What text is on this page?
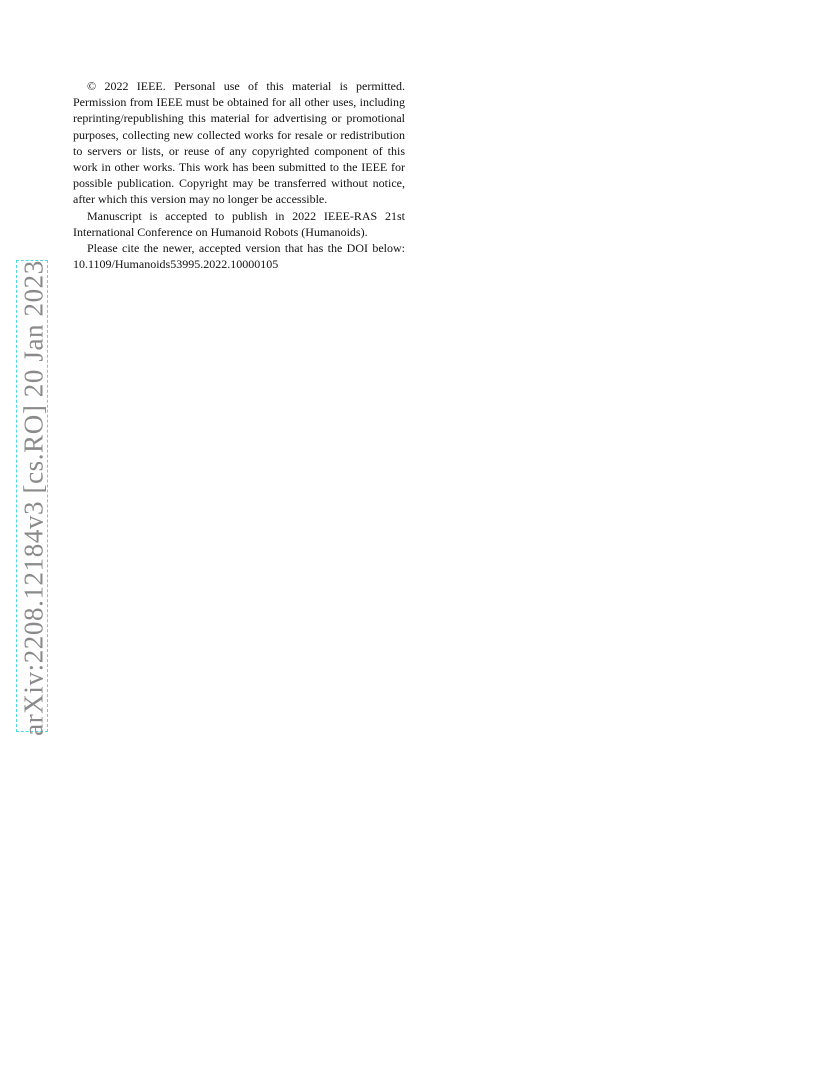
arXiv:2208.12184v3 [cs.RO] 20 Jan 2023

© 2022 IEEE. Personal use of this material is permitted. Permission from IEEE must be obtained for all other uses, including reprinting/republishing this material for advertising or promotional purposes, collecting new collected works for resale or redistribution to servers or lists, or reuse of any copyrighted component of this work in other works. This work has been submitted to the IEEE for possible publication. Copyright may be transferred without notice, after which this version may no longer be accessible.

Manuscript is accepted to publish in 2022 IEEE-RAS 21st International Conference on Humanoid Robots (Humanoids).

Please cite the newer, accepted version that has the DOI below: 10.1109/Humanoids53995.2022.10000105
